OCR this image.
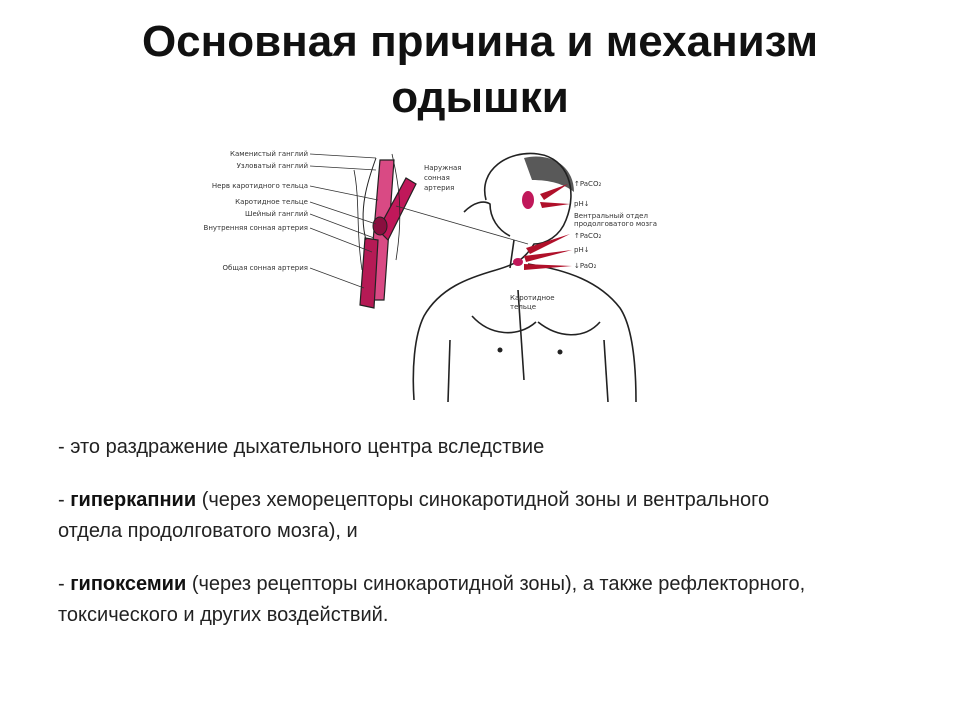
Основная причина и механизм
одышки
Каменистый ганглий
Узловатый ганглий
Нерв каротидного тельца
Каротидное тельце
Шейный ганглий
Внутренняя сонная артерия
Общая сонная артерия
Наружная
сонная
артерия	↑PaCO₂
pH↓
Вентральный отдел
продолговатого мозга
↑PaCO₂
pH↓
↓PaO₂
Каротидное
тельце

- это раздражение дыхательного центра вследствие

- гиперкапнии (через хеморецепторы синокаротидной зоны и вентрального отдела продолговатого мозга), и

- гипоксемии (через рецепторы синокаротидной зоны), а также рефлекторного, токсического и других воздействий.
